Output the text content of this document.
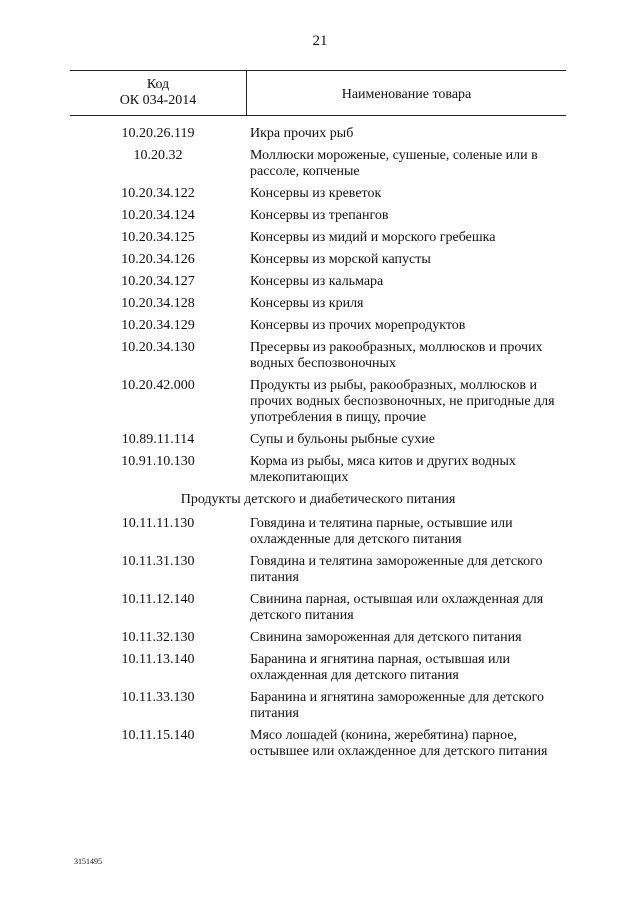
21
Код
ОК 034-2014	Наименование товара
10.20.26.119	Икра прочих рыб
10.20.32	Моллюски мороженые, сушеные, соленые или в рассоле, копченые
10.20.34.122	Консервы из креветок
10.20.34.124	Консервы из трепангов
10.20.34.125	Консервы из мидий и морского гребешка
10.20.34.126	Консервы из морской капусты
10.20.34.127	Консервы из кальмара
10.20.34.128	Консервы из криля
10.20.34.129	Консервы из прочих морепродуктов
10.20.34.130	Пресервы из ракообразных, моллюсков и прочих водных беспозвоночных
10.20.42.000	Продукты из рыбы, ракообразных, моллюсков и прочих водных беспозвоночных, не пригодные для употребления в пищу, прочие
10.89.11.114	Супы и бульоны рыбные сухие
10.91.10.130	Корма из рыбы, мяса китов и других водных млекопитающих
Продукты детского и диабетического питания
10.11.11.130	Говядина и телятина парные, остывшие или охлажденные для детского питания
10.11.31.130	Говядина и телятина замороженные для детского питания
10.11.12.140	Свинина парная, остывшая или охлажденная для детского питания
10.11.32.130	Свинина замороженная для детского питания
10.11.13.140	Баранина и ягнятина парная, остывшая или охлажденная для детского питания
10.11.33.130	Баранина и ягнятина замороженные для детского питания
10.11.15.140	Мясо лошадей (конина, жеребятина) парное, остывшее или охлажденное для детского питания
3151495
